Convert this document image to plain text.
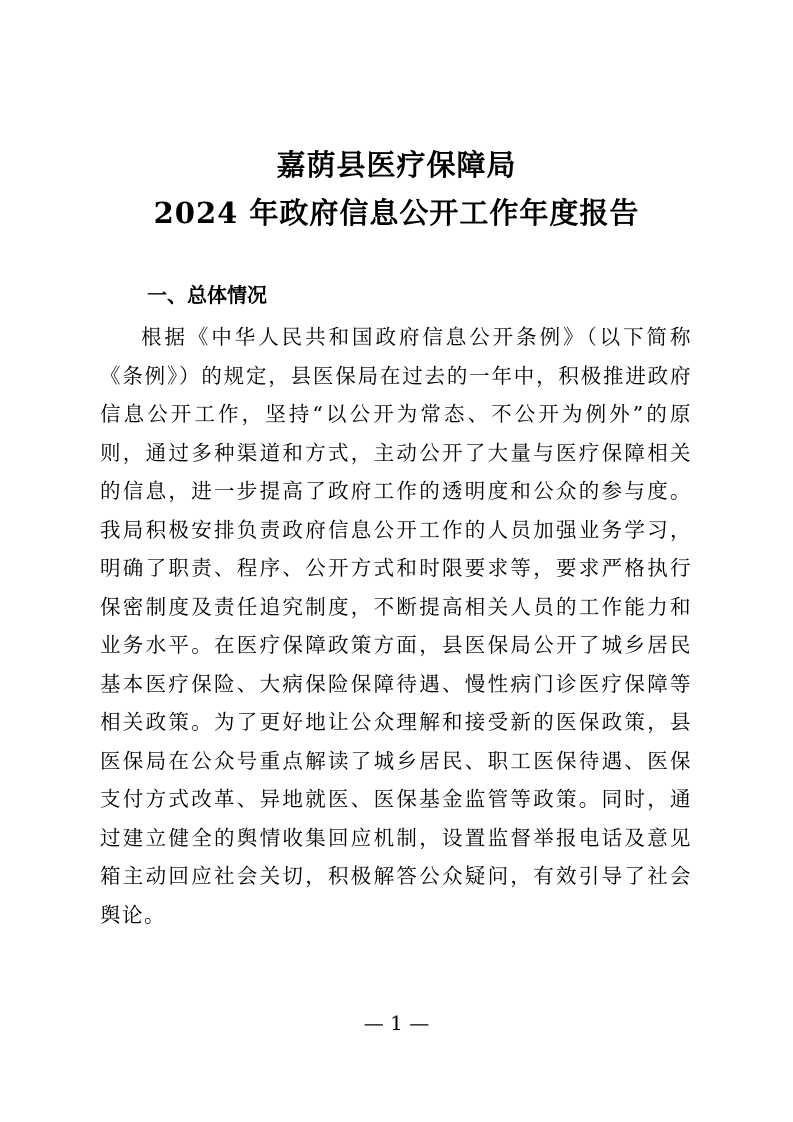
嘉荫县医疗保障局
2024 年政府信息公开工作年度报告
一、总体情况

根据《中华人民共和国政府信息公开条例》（以下简称《条例》）的规定，县医保局在过去的一年中，积极推进政府信息公开工作，坚持“以公开为常态、不公开为例外”的原则，通过多种渠道和方式，主动公开了大量与医疗保障相关的信息，进一步提高了政府工作的透明度和公众的参与度。我局积极安排负责政府信息公开工作的人员加强业务学习，明确了职责、程序、公开方式和时限要求等，要求严格执行保密制度及责任追究制度，不断提高相关人员的工作能力和业务水平。在医疗保障政策方面，县医保局公开了城乡居民基本医疗保险、大病保险保障待遇、慢性病门诊医疗保障等相关政策。为了更好地让公众理解和接受新的医保政策，县医保局在公众号重点解读了城乡居民、职工医保待遇、医保支付方式改革、异地就医、医保基金监管等政策。同时，通过建立健全的舆情收集回应机制，设置监督举报电话及意见箱主动回应社会关切，积极解答公众疑问，有效引导了社会舆论。

— 1 —
